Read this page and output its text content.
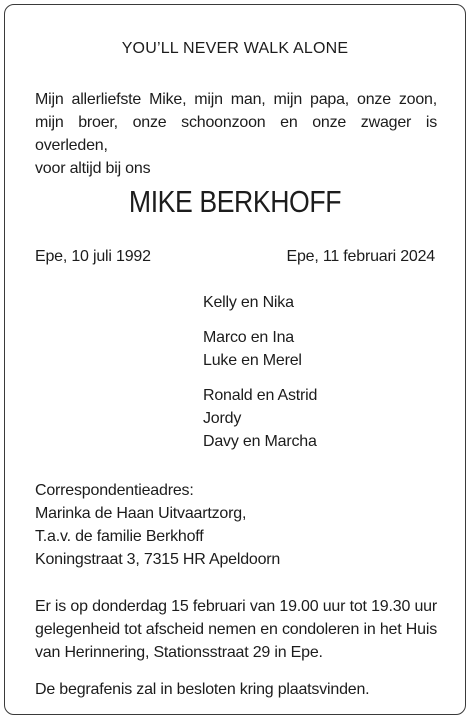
YOU’LL NEVER WALK ALONE
Mijn allerliefste Mike, mijn man, mijn papa, onze zoon,
mijn broer, onze schoonzoon en onze zwager is overleden,
voor altijd bij ons
MIKE BERKHOFF
Epe, 10 juli 1992	Epe, 11 februari 2024
Kelly en Nika
Marco en Ina
Luke en Merel
Ronald en Astrid
Jordy
Davy en Marcha
Correspondentieadres:
Marinka de Haan Uitvaartzorg,
T.a.v. de familie Berkhoff
Koningstraat 3, 7315 HR Apeldoorn
Er is op donderdag 15 februari van 19.00 uur tot 19.30 uur
gelegenheid tot afscheid nemen en condoleren in het Huis
van Herinnering, Stationsstraat 29 in Epe.
De begrafenis zal in besloten kring plaatsvinden.
